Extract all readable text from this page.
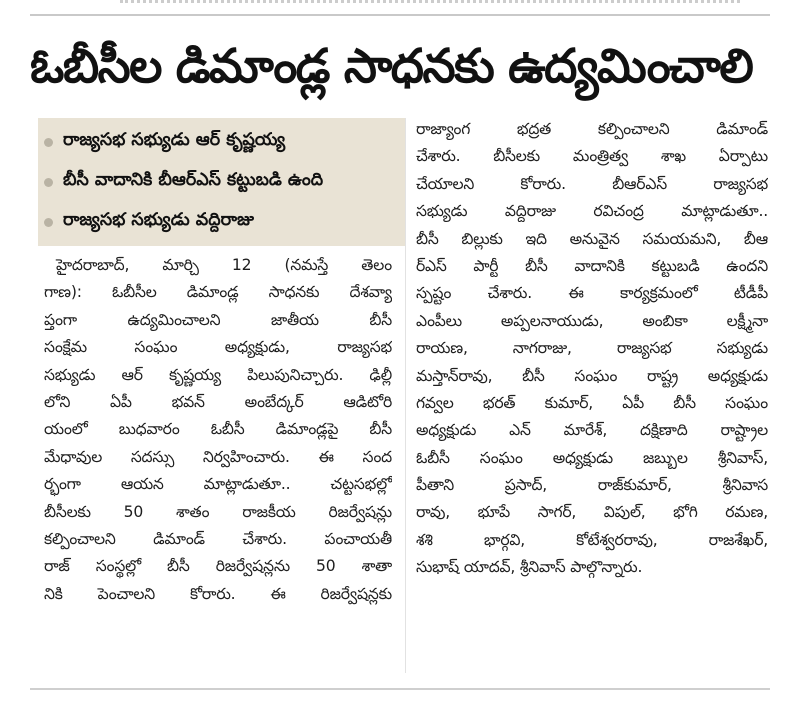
ఓబీసీల డిమాండ్ల సాధనకు ఉద్యమించాలి
రాజ్యసభ సభ్యుడు ఆర్ కృష్ణయ్య
బీసీ వాదానికి బీఆర్ఎస్ కట్టుబడి ఉంది
రాజ్యసభ సభ్యుడు వద్దిరాజు
హైదరాబాద్, మార్చి 12 (నమస్తే తెలం
గాణ): ఓబీసీల డిమాండ్ల సాధనకు దేశవ్యా
ప్తంగా ఉద్యమించాలని జాతీయ బీసీ
సంక్షేమ సంఘం అధ్యక్షుడు, రాజ్యసభ
సభ్యుడు ఆర్ కృష్ణయ్య పిలుపునిచ్చారు. ఢిల్లీ
లోని ఏపీ భవన్ అంబేద్కర్ ఆడిటోరి
యంలో బుధవారం ఓబీసీ డిమాండ్లపై బీసీ
మేధావుల సదస్సు నిర్వహించారు. ఈ సంద
ర్భంగా ఆయన మాట్లాడుతూ.. చట్టసభల్లో
బీసీలకు 50 శాతం రాజకీయ రిజర్వేషన్లు
కల్పించాలని డిమాండ్ చేశారు. పంచాయతీ
రాజ్ సంస్థల్లో బీసీ రిజర్వేషన్లను 50 శాతా
నికి పెంచాలని కోరారు. ఈ రిజర్వేషన్లకు
రాజ్యాంగ భద్రత కల్పించాలని డిమాండ్
చేశారు. బీసీలకు మంత్రిత్వ శాఖ ఏర్పాటు
చేయాలని కోరారు. బీఆర్ఎస్ రాజ్యసభ
సభ్యుడు వద్దిరాజు రవిచంద్ర మాట్లాడుతూ..
బీసీ బిల్లుకు ఇది అనువైన సమయమని, బీఆ
ర్ఎస్ పార్టీ బీసీ వాదానికి కట్టుబడి ఉందని
స్పష్టం చేశారు. ఈ కార్యక్రమంలో టీడీపీ
ఎంపీలు అప్పలనాయుడు, అంబికా లక్ష్మీనా
రాయణ, నాగరాజు, రాజ్యసభ సభ్యుడు
మస్తాన్‌రావు, బీసీ సంఘం రాష్ట్ర అధ్యక్షుడు
గవ్వల భరత్ కుమార్, ఏపీ బీసీ సంఘం
అధ్యక్షుడు ఎన్ మారేశ్, దక్షిణాది రాష్ట్రాల
ఓబీసీ సంఘం అధ్యక్షుడు జబ్బుల శ్రీనివాస్,
పీతాని ప్రసాద్, రాజ్‌కుమార్, శ్రీనివాస
రావు, భూపే సాగర్, విపుల్, భోగి రమణ,
శశి భార్గవి, కోటేశ్వరరావు, రాజశేఖర్,
సుభాష్ యాదవ్, శ్రీనివాస్ పాల్గొన్నారు.
